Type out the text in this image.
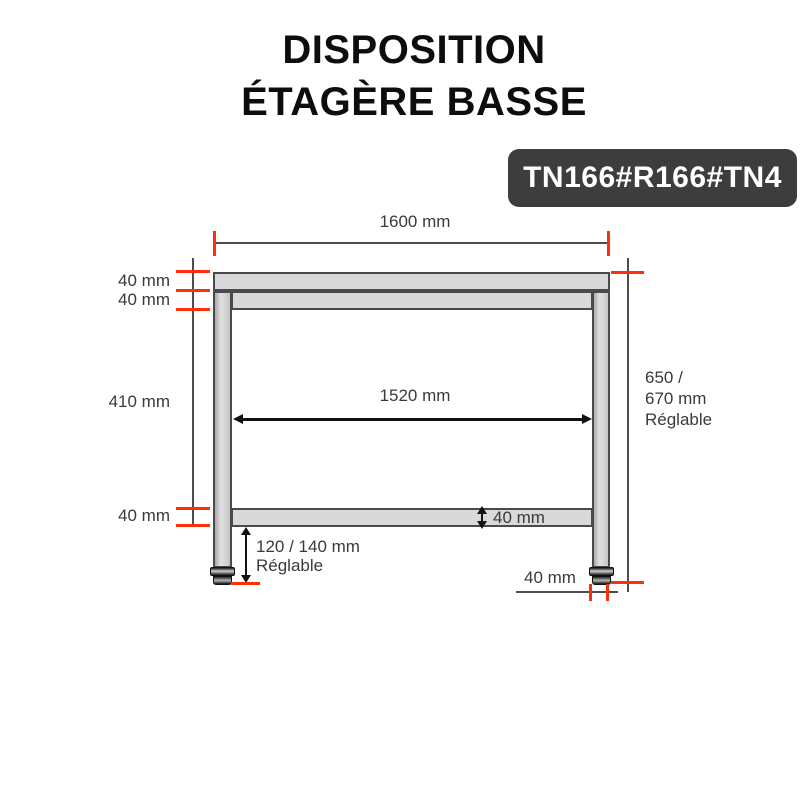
DISPOSITION
ÉTAGÈRE BASSE
TN166#R166#TN4
1600 mm
40 mm
40 mm
410 mm
40 mm
1520 mm
40 mm
650 /
670 mm
Réglable
120 / 140 mm
Réglable
40 mm
